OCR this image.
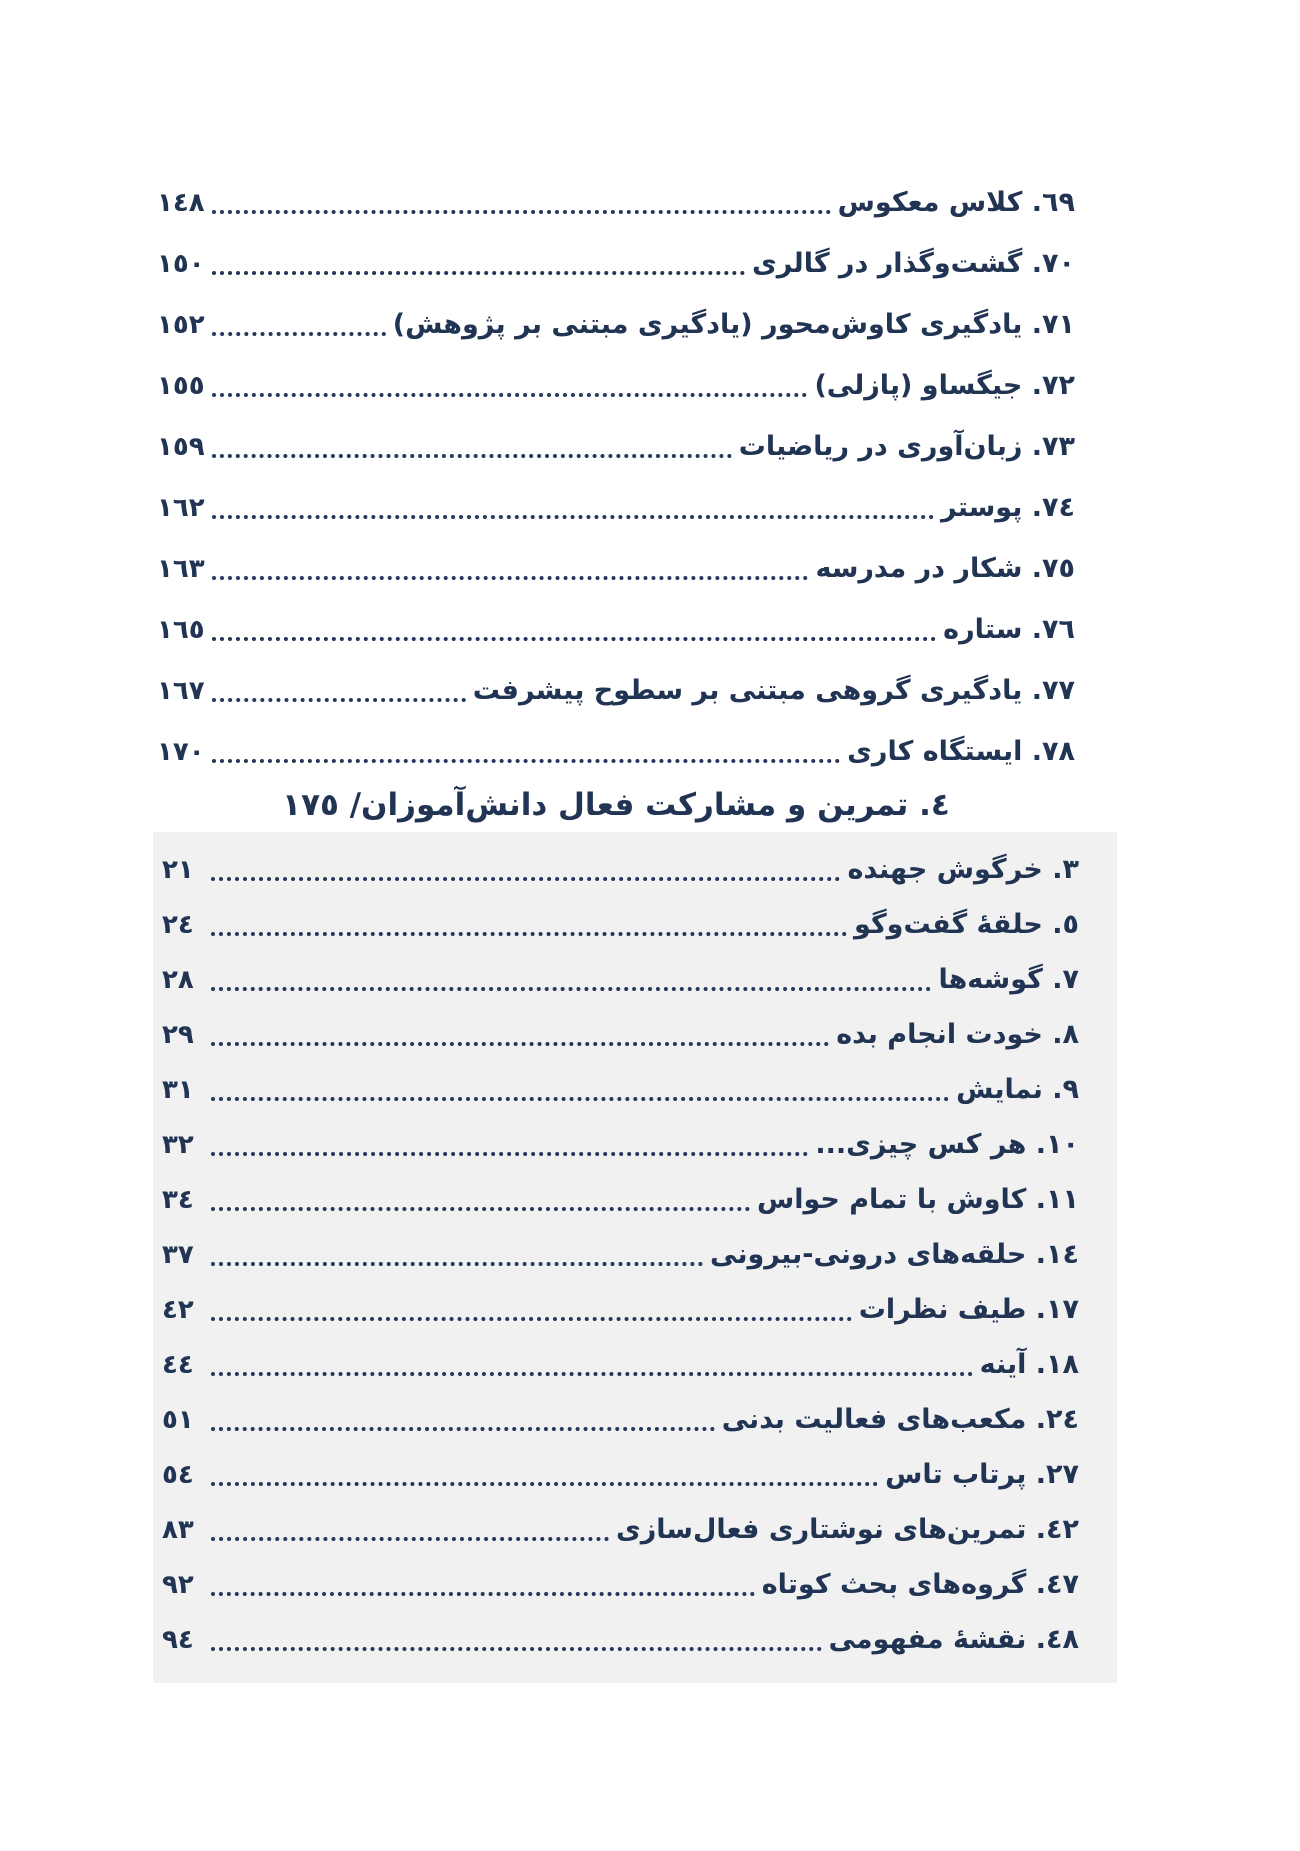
٦٩. کلاس معکوس
١٤٨
٧٠. گشت‌وگذار در گالری
١٥٠
٧١. یادگیری کاوش‌محور (یادگیری مبتنی بر پژوهش)
١٥٢
٧٢. جیگساو (پازلی)
١٥٥
٧٣. زبان‌آوری در ریاضیات
١٥٩
٧٤. پوستر
١٦٢
٧٥. شکار در مدرسه
١٦٣
٧٦. ستاره
١٦٥
٧٧. یادگیری گروهی مبتنی بر سطوح پیشرفت
١٦٧
٧٨. ایستگاه کاری
١٧٠
٤. تمرین و مشارکت فعال دانش‌آموزان/ ١٧٥
٣. خرگوش جهنده
٢١
٥. حلقهٔ گفت‌وگو
٢٤
٧. گوشه‌ها
٢٨
٨. خودت انجام بده
٢٩
٩. نمایش
٣١
١٠. هر کس چیزی...
٣٢
١١. کاوش با تمام حواس
٣٤
١٤. حلقه‌های درونی-بیرونی
٣٧
١٧. طیف نظرات
٤٢
١٨. آینه
٤٤
٢٤. مکعب‌های فعالیت بدنی
٥١
٢٧. پرتاب تاس
٥٤
٤٢. تمرین‌های نوشتاری فعال‌سازی
٨٣
٤٧. گروه‌های بحث کوتاه
٩٢
٤٨. نقشهٔ مفهومی
٩٤
